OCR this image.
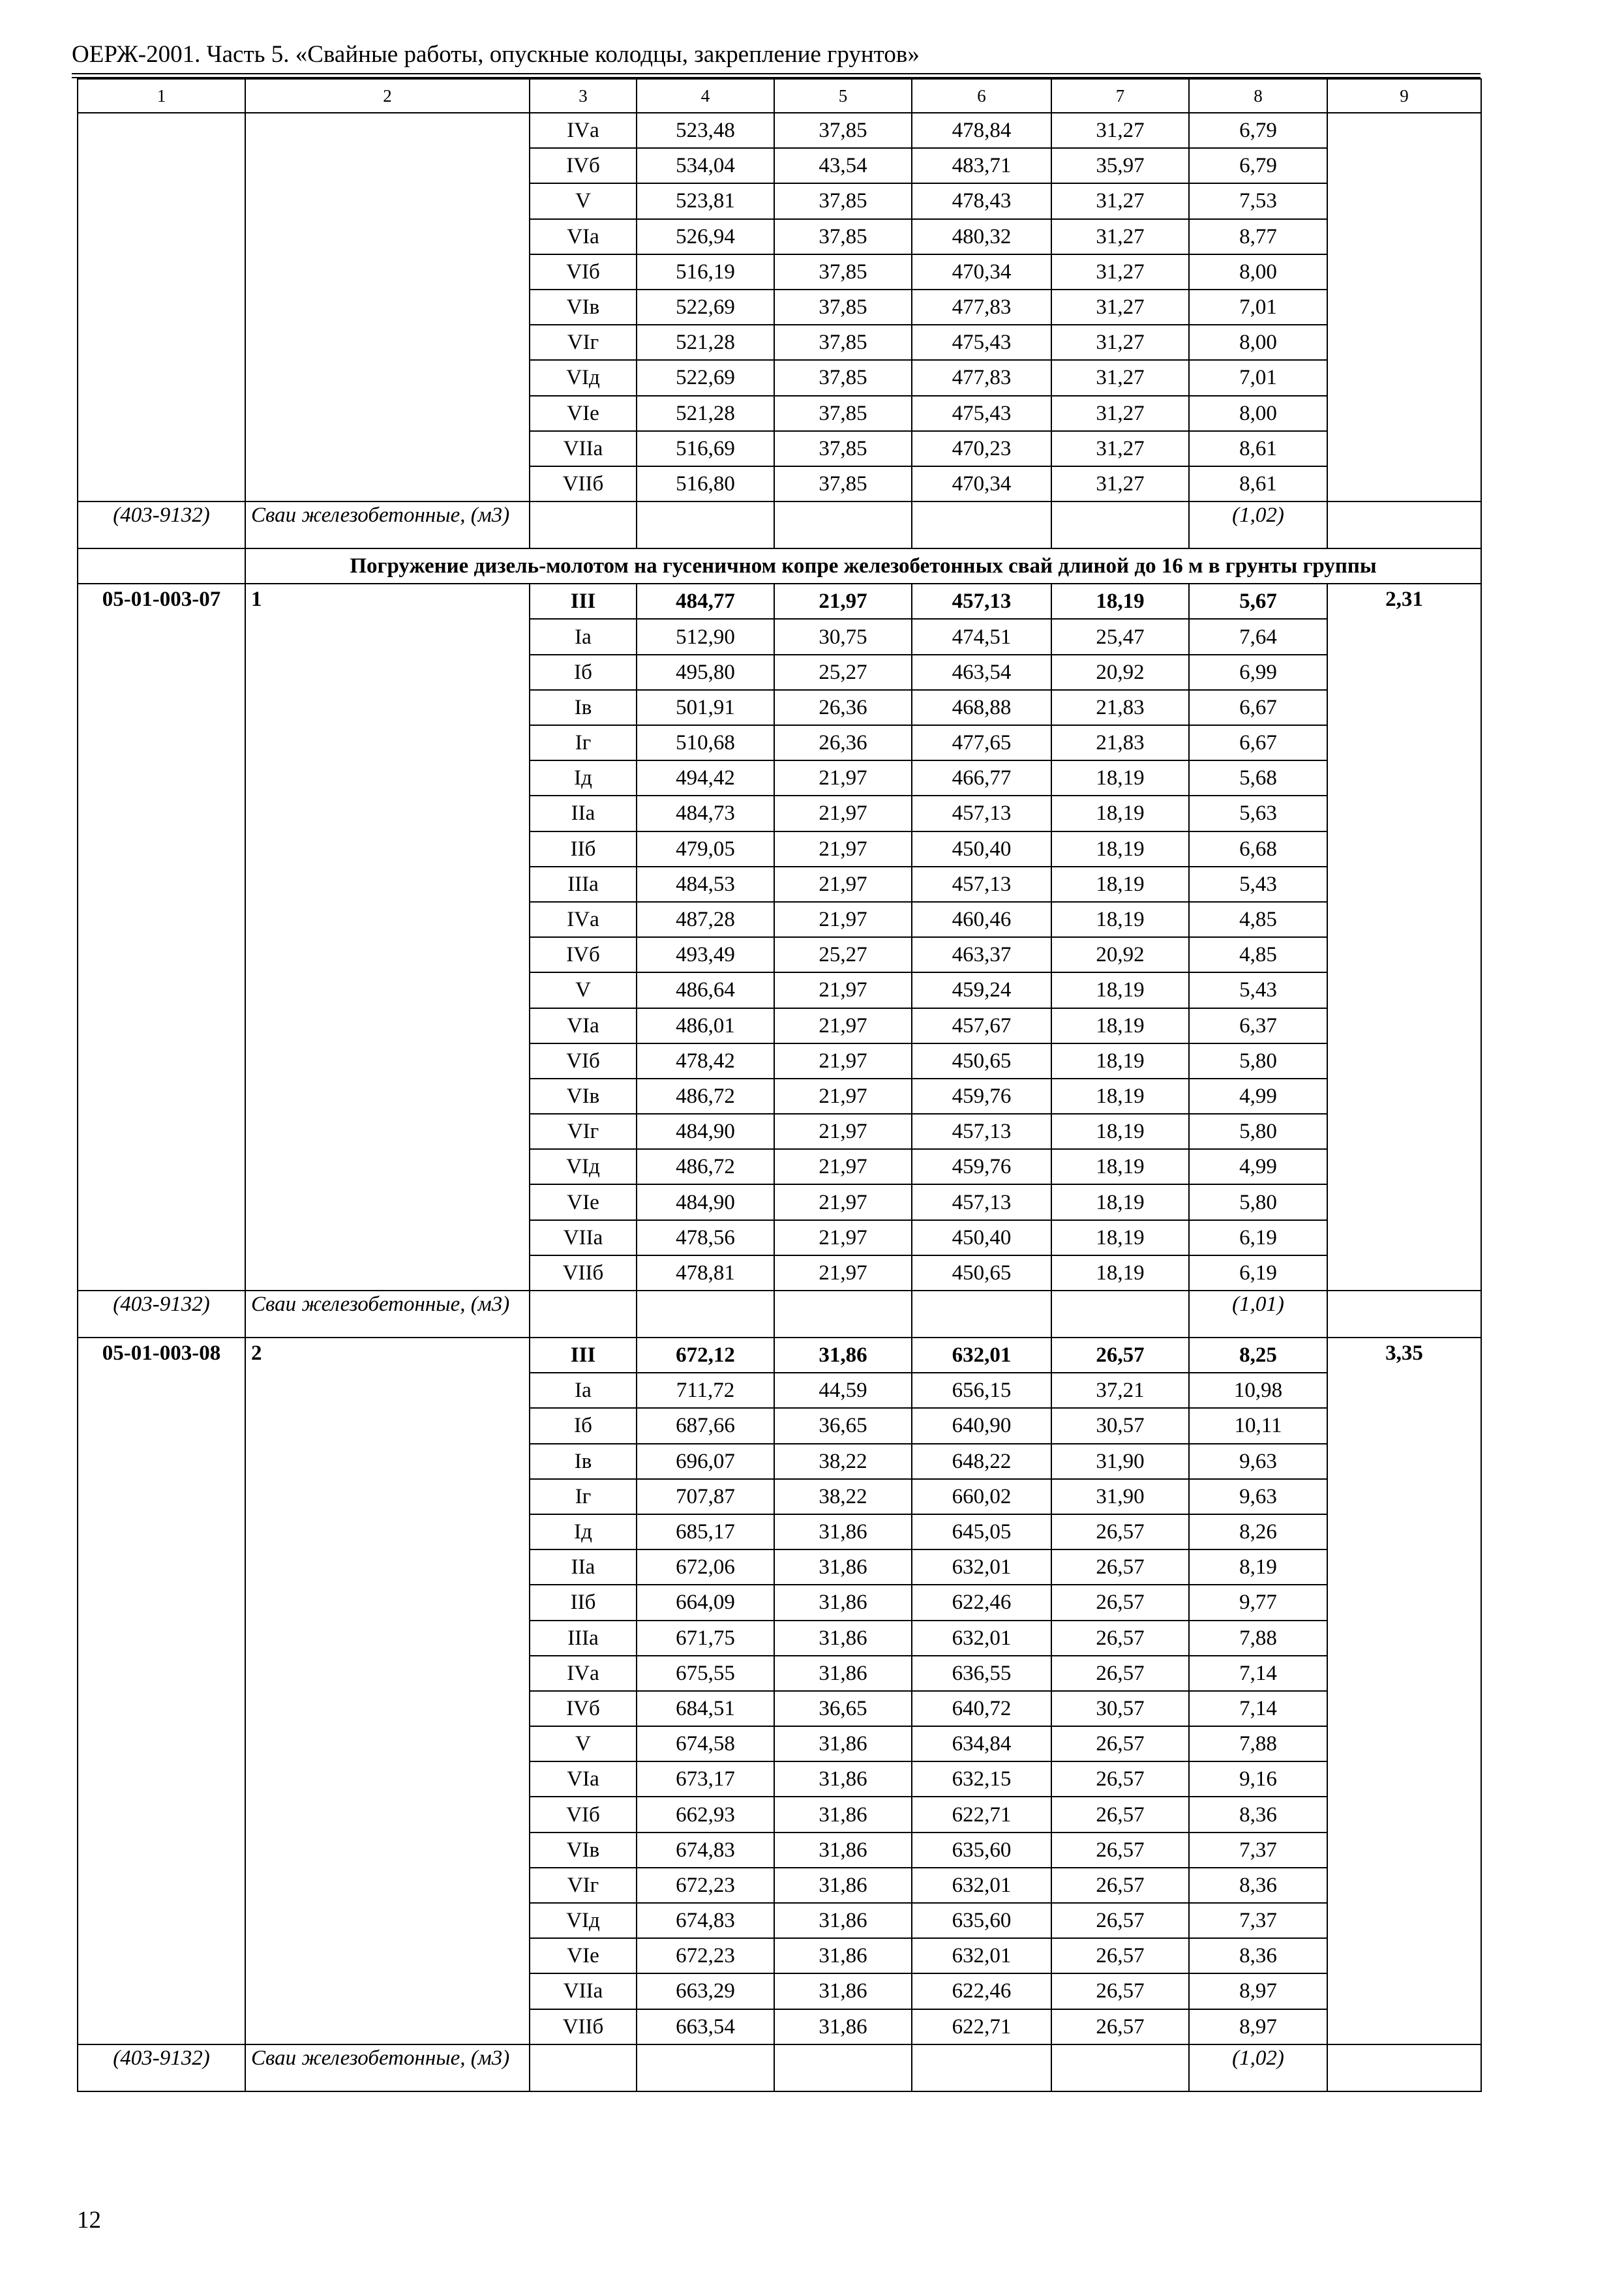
ОЕРЖ-2001. Часть 5. «Свайные работы, опускные колодцы, закрепление грунтов»
1	2	3	4	5	6	7	8	9
		IVа	523,48	37,85	478,84	31,27	6,79	
		IVб	534,04	43,54	483,71	35,97	6,79	
		V	523,81	37,85	478,43	31,27	7,53	
		VIа	526,94	37,85	480,32	31,27	8,77	
		VIб	516,19	37,85	470,34	31,27	8,00	
		VIв	522,69	37,85	477,83	31,27	7,01	
		VIг	521,28	37,85	475,43	31,27	8,00	
		VIд	522,69	37,85	477,83	31,27	7,01	
		VIе	521,28	37,85	475,43	31,27	8,00	
		VIIа	516,69	37,85	470,23	31,27	8,61	
		VIIб	516,80	37,85	470,34	31,27	8,61	
(403-9132)	Сваи железобетонные, (м3)						(1,02)	
	Погружение дизель-молотом на гусеничном копре железобетонных свай длиной до 16 м в грунты группы							
05-01-003-07	1	III	484,77	21,97	457,13	18,19	5,67	2,31
		Iа	512,90	30,75	474,51	25,47	7,64	
		Iб	495,80	25,27	463,54	20,92	6,99	
		Iв	501,91	26,36	468,88	21,83	6,67	
		Iг	510,68	26,36	477,65	21,83	6,67	
		Iд	494,42	21,97	466,77	18,19	5,68	
		IIа	484,73	21,97	457,13	18,19	5,63	
		IIб	479,05	21,97	450,40	18,19	6,68	
		IIIа	484,53	21,97	457,13	18,19	5,43	
		IVа	487,28	21,97	460,46	18,19	4,85	
		IVб	493,49	25,27	463,37	20,92	4,85	
		V	486,64	21,97	459,24	18,19	5,43	
		VIа	486,01	21,97	457,67	18,19	6,37	
		VIб	478,42	21,97	450,65	18,19	5,80	
		VIв	486,72	21,97	459,76	18,19	4,99	
		VIг	484,90	21,97	457,13	18,19	5,80	
		VIд	486,72	21,97	459,76	18,19	4,99	
		VIе	484,90	21,97	457,13	18,19	5,80	
		VIIа	478,56	21,97	450,40	18,19	6,19	
		VIIб	478,81	21,97	450,65	18,19	6,19	
(403-9132)	Сваи железобетонные, (м3)						(1,01)	
05-01-003-08	2	III	672,12	31,86	632,01	26,57	8,25	3,35
		Iа	711,72	44,59	656,15	37,21	10,98	
		Iб	687,66	36,65	640,90	30,57	10,11	
		Iв	696,07	38,22	648,22	31,90	9,63	
		Iг	707,87	38,22	660,02	31,90	9,63	
		Iд	685,17	31,86	645,05	26,57	8,26	
		IIа	672,06	31,86	632,01	26,57	8,19	
		IIб	664,09	31,86	622,46	26,57	9,77	
		IIIа	671,75	31,86	632,01	26,57	7,88	
		IVа	675,55	31,86	636,55	26,57	7,14	
		IVб	684,51	36,65	640,72	30,57	7,14	
		V	674,58	31,86	634,84	26,57	7,88	
		VIа	673,17	31,86	632,15	26,57	9,16	
		VIб	662,93	31,86	622,71	26,57	8,36	
		VIв	674,83	31,86	635,60	26,57	7,37	
		VIг	672,23	31,86	632,01	26,57	8,36	
		VIд	674,83	31,86	635,60	26,57	7,37	
		VIе	672,23	31,86	632,01	26,57	8,36	
		VIIа	663,29	31,86	622,46	26,57	8,97	
		VIIб	663,54	31,86	622,71	26,57	8,97	
(403-9132)	Сваи железобетонные, (м3)						(1,02)	
12
